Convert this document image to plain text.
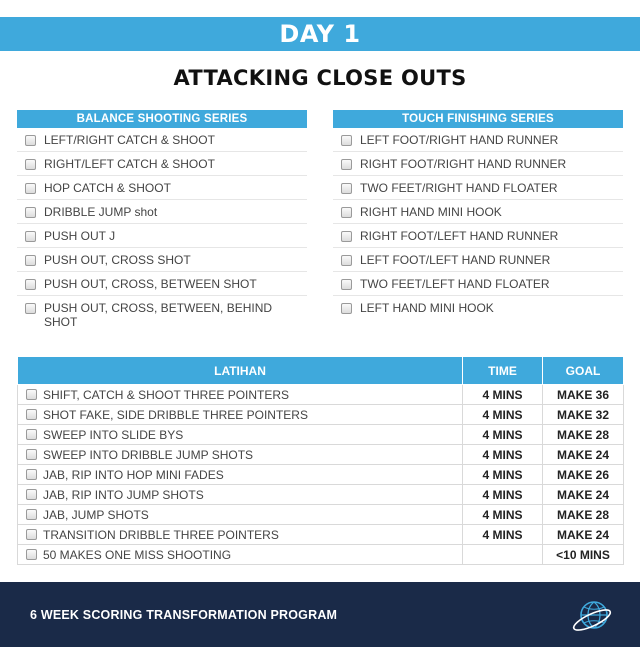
DAY 1
ATTACKING CLOSE OUTS
BALANCE SHOOTING SERIES
LEFT/RIGHT CATCH & SHOOT
RIGHT/LEFT CATCH & SHOOT
HOP CATCH & SHOOT
DRIBBLE JUMP shot
PUSH OUT J
PUSH OUT, CROSS SHOT
PUSH OUT, CROSS, BETWEEN SHOT
PUSH OUT, CROSS, BETWEEN, BEHIND SHOT
TOUCH FINISHING SERIES
LEFT FOOT/RIGHT HAND RUNNER
RIGHT FOOT/RIGHT HAND RUNNER
TWO FEET/RIGHT HAND FLOATER
RIGHT HAND MINI HOOK
RIGHT FOOT/LEFT HAND RUNNER
LEFT FOOT/LEFT HAND RUNNER
TWO FEET/LEFT HAND FLOATER
LEFT HAND MINI HOOK
LATIHAN	TIME	GOAL
SHIFT, CATCH & SHOOT THREE POINTERS	4 MINS	MAKE 36
SHOT FAKE, SIDE DRIBBLE THREE POINTERS	4 MINS	MAKE 32
SWEEP INTO SLIDE BYS	4 MINS	MAKE 28
SWEEP INTO DRIBBLE JUMP SHOTS	4 MINS	MAKE 24
JAB, RIP INTO HOP MINI FADES	4 MINS	MAKE 26
JAB, RIP INTO JUMP SHOTS	4 MINS	MAKE 24
JAB, JUMP SHOTS	4 MINS	MAKE 28
TRANSITION DRIBBLE THREE POINTERS	4 MINS	MAKE 24
50 MAKES ONE MISS SHOOTING		<10 MINS
6 WEEK SCORING TRANSFORMATION PROGRAM
